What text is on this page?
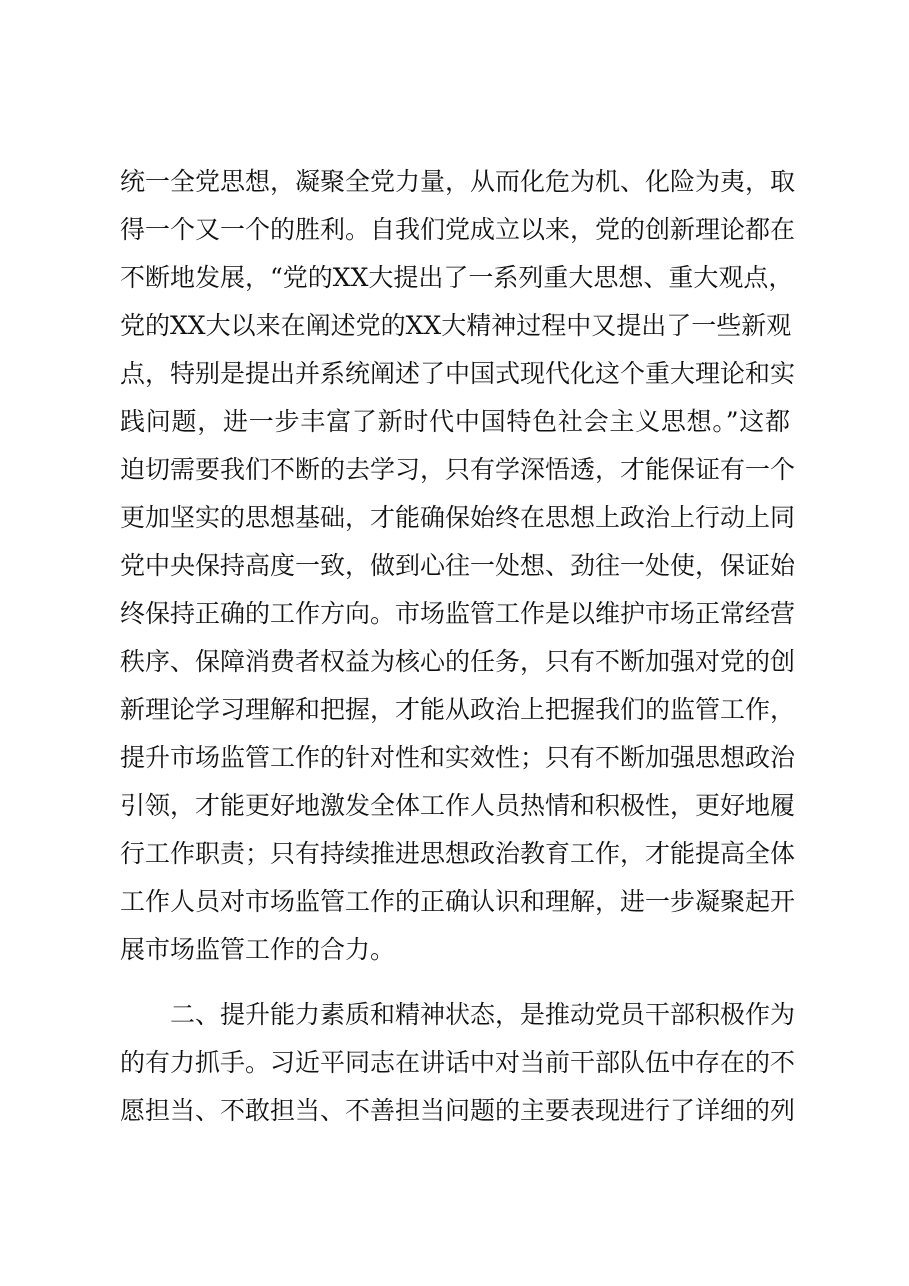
统一全党思想，凝聚全党力量，从而化危为机、化险为夷，取
得一个又一个的胜利。自我们党成立以来，党的创新理论都在
不断地发展，“党的XX大提出了一系列重大思想、重大观点，
党的XX大以来在阐述党的XX大精神过程中又提出了一些新观
点，特别是提出并系统阐述了中国式现代化这个重大理论和实
践问题，进一步丰富了新时代中国特色社会主义思想。”这都
迫切需要我们不断的去学习，只有学深悟透，才能保证有一个
更加坚实的思想基础，才能确保始终在思想上政治上行动上同
党中央保持高度一致，做到心往一处想、劲往一处使，保证始
终保持正确的工作方向。市场监管工作是以维护市场正常经营
秩序、保障消费者权益为核心的任务，只有不断加强对党的创
新理论学习理解和把握，才能从政治上把握我们的监管工作，
提升市场监管工作的针对性和实效性；只有不断加强思想政治
引领，才能更好地激发全体工作人员热情和积极性，更好地履
行工作职责；只有持续推进思想政治教育工作，才能提高全体
工作人员对市场监管工作的正确认识和理解，进一步凝聚起开
展市场监管工作的合力。
二、提升能力素质和精神状态，是推动党员干部积极作为
的有力抓手。习近平同志在讲话中对当前干部队伍中存在的不
愿担当、不敢担当、不善担当问题的主要表现进行了详细的列
